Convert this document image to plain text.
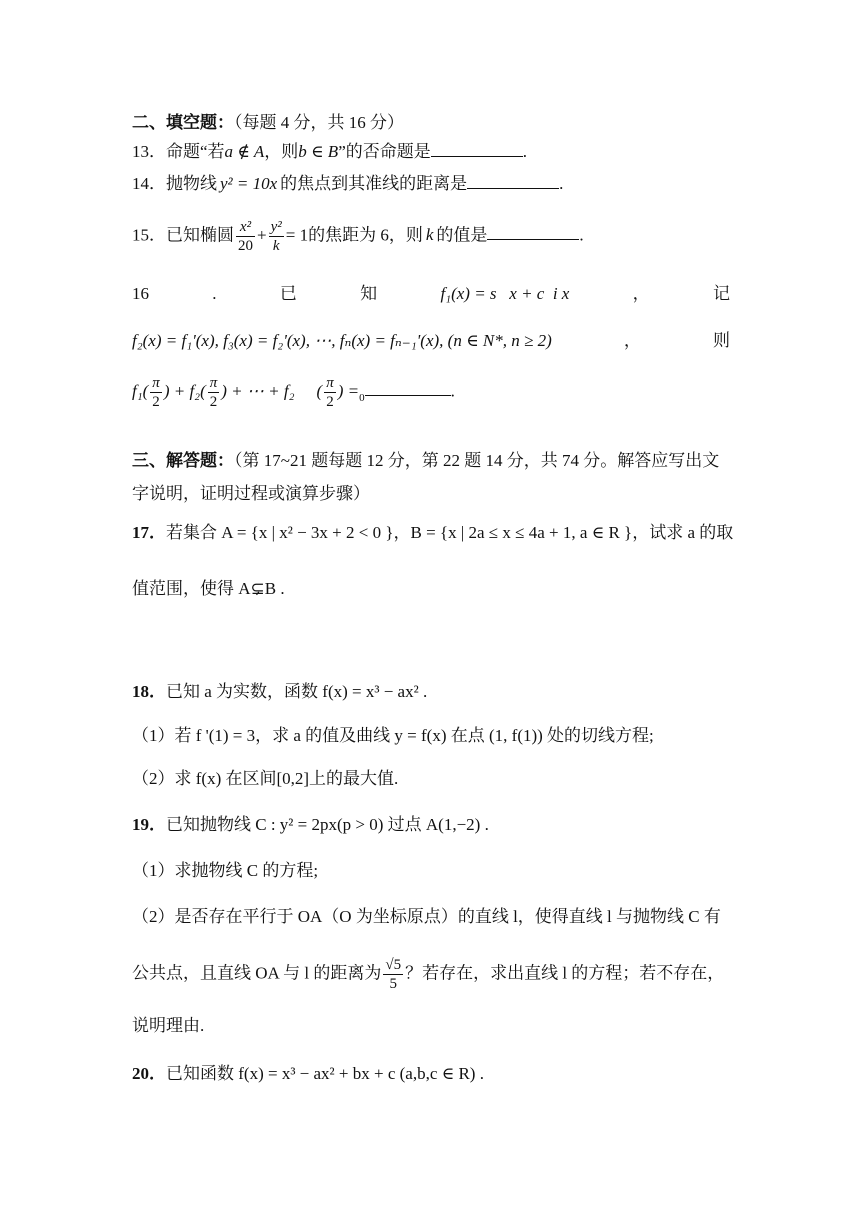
二、填空题：（每题 4 分，共 16 分）
13．命题“若a ∉ A，则b ∈ B”的否命题是	.
14．抛物线 y² = 10x 的焦点到其准线的距离是	.
15．已知椭圆 $\frac{\text{x²}}{20} + \frac{\text{y²}}{k} = 1$的焦距为 6，则 k 的值是	.
16	.	已	知	f₁(x) = s   x + c  i x	，	记
f₂(x) = f₁'(x), f₃(x) = f₂'(x), ⋯, fₙ(x) = fₙ₋₁'(x), (n ∈ N*, n ≥ 2)	，	则
$f_1( \frac{\pi}{2}$ ) + $f_2( \frac{\pi}{2}$ ) + ⋯ + f₂ ( $\frac{\pi}{2}$ ) $=_0$	.
三、解答题：（第 17~21 题每题 12 分，第 22 题 14 分，共 74 分。解答应写出文
字说明，证明过程或演算步骤）
17．若集合 A = {x | x² − 3x + 2 < 0 }，B = {x | 2a ≤ x ≤ 4a + 1, a ∈ R }，试求 a 的取
值范围，使得 A⊊B .
18．已知 a 为实数，函数 f(x) = x³ − ax² .
（1）若 f '(1) = 3，求 a 的值及曲线 y = f(x) 在点 (1, f(1)) 处的切线方程;
（2）求 f(x) 在区间[0,2]上的最大值.
19．已知抛物线 C : y² = 2px(p > 0) 过点 A(1,−2) .
（1）求抛物线 C 的方程;
（2）是否存在平行于 OA（O 为坐标原点）的直线 l，使得直线 l 与抛物线 C 有
公共点，且直线 OA 与 l 的距离为 $\frac{√5}{5}$ ？若存在，求出直线 l 的方程；若不存在，
说明理由.
20．已知函数 f(x) = x³ − ax² + bx + c (a,b,c ∈ R) .
